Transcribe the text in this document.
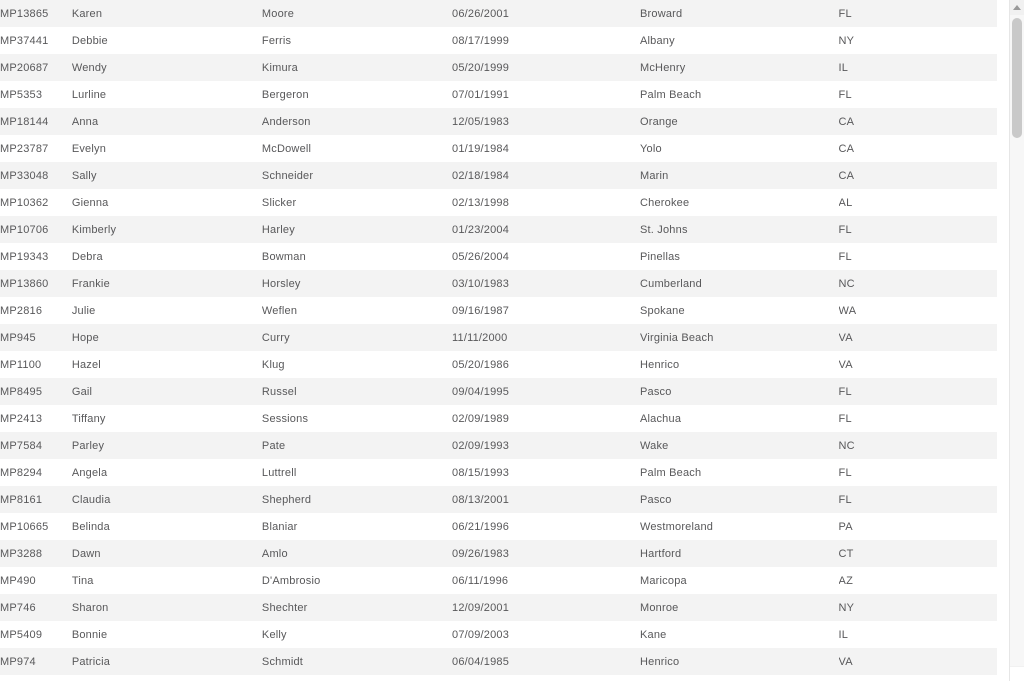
MP13865	Karen	Moore	06/26/2001	Broward	FL
MP37441	Debbie	Ferris	08/17/1999	Albany	NY
MP20687	Wendy	Kimura	05/20/1999	McHenry	IL
MP5353	Lurline	Bergeron	07/01/1991	Palm Beach	FL
MP18144	Anna	Anderson	12/05/1983	Orange	CA
MP23787	Evelyn	McDowell	01/19/1984	Yolo	CA
MP33048	Sally	Schneider	02/18/1984	Marin	CA
MP10362	Gienna	Slicker	02/13/1998	Cherokee	AL
MP10706	Kimberly	Harley	01/23/2004	St. Johns	FL
MP19343	Debra	Bowman	05/26/2004	Pinellas	FL
MP13860	Frankie	Horsley	03/10/1983	Cumberland	NC
MP2816	Julie	Weflen	09/16/1987	Spokane	WA
MP945	Hope	Curry	11/11/2000	Virginia Beach	VA
MP1100	Hazel	Klug	05/20/1986	Henrico	VA
MP8495	Gail	Russel	09/04/1995	Pasco	FL
MP2413	Tiffany	Sessions	02/09/1989	Alachua	FL
MP7584	Parley	Pate	02/09/1993	Wake	NC
MP8294	Angela	Luttrell	08/15/1993	Palm Beach	FL
MP8161	Claudia	Shepherd	08/13/2001	Pasco	FL
MP10665	Belinda	Blaniar	06/21/1996	Westmoreland	PA
MP3288	Dawn	Amlo	09/26/1983	Hartford	CT
MP490	Tina	D'Ambrosio	06/11/1996	Maricopa	AZ
MP746	Sharon	Shechter	12/09/2001	Monroe	NY
MP5409	Bonnie	Kelly	07/09/2003	Kane	IL
MP974	Patricia	Schmidt	06/04/1985	Henrico	VA
